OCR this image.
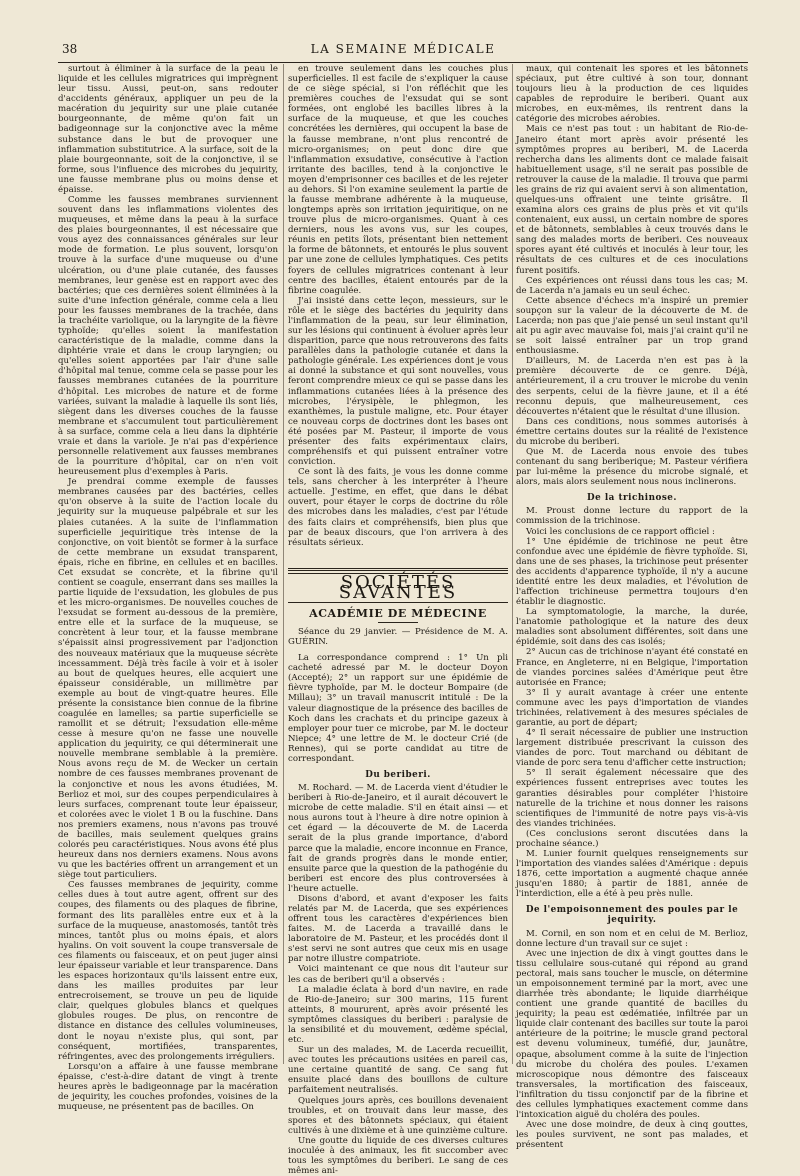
38	LA SEMAINE MÉDICALE

surtout à éliminer à la surface de la peau le liquide et les cellules migratrices qui imprègnent leur tissu. Aussi, peut-on, sans redouter d'accidents généraux, appliquer un peu de la macération du jequirity sur une plaie cutanée bourgeonnante, de même qu'on fait un badigeonnage sur la conjonctive avec la même substance dans le but de provoquer une inflammation substitutrice. A la surface, soit de la plaie bourgeonnante, soit de la conjonctive, il se forme, sous l'influence des microbes du jequirity, une fausse membrane plus ou moins dense et épaisse.

Comme les fausses membranes surviennent souvent dans les inflammations violentes des muqueuses, et même dans la peau à la surface des plaies bourgeonnantes, il est nécessaire que vous ayez des connaissances générales sur leur mode de formation. Le plus souvent, lorsqu'on trouve à la surface d'une muqueuse ou d'une ulcération, ou d'une plaie cutanée, des fausses membranes, leur genèse est en rapport avec des bactéries; que ces dernières soient éliminées à la suite d'une infection générale, comme cela a lieu pour les fausses membranes de la trachée, dans la trachéite variolique, ou la laryngite de la fièvre typhoïde; qu'elles soient la manifestation caractéristique de la maladie, comme dans la diphtérie vraie et dans le croup laryngien; ou qu'elles soient apportées par l'air d'une salle d'hôpital mal tenue, comme cela se passe pour les fausses membranes cutanées de la pourriture d'hôpital. Les microbes de nature et de forme variées, suivant la maladie à laquelle ils sont liés, siègent dans les diverses couches de la fausse membrane et s'accumulent tout particulièrement à sa surface, comme cela a lieu dans la diphtérie vraie et dans la variole. Je n'ai pas d'expérience personnelle relativement aux fausses membranes de la pourriture d'hôpital, car on n'en voit heureusement plus d'exemples à Paris.

Je prendrai comme exemple de fausses membranes causées par des bactéries, celles qu'on observe à la suite de l'action locale du jequirity sur la muqueuse palpébrale et sur les plaies cutanées. A la suite de l'inflammation superficielle jequiritique très intense de la conjonctive, on voit bientôt se former à la surface de cette membrane un exsudat transparent, épais, riche en fibrine, en cellules et en bacilles. Cet exsudat se concrète, et la fibrine qu'il contient se coagule, enserrant dans ses mailles la partie liquide de l'exsudation, les globules de pus et les micro-organismes. De nouvelles couches de l'exsudat se forment au-dessous de la première, entre elle et la surface de la muqueuse, se concrètent à leur tour, et la fausse membrane s'épaissit ainsi progressivement par l'adjonction des nouveaux matériaux que la muqueuse sécrète incessamment. Déjà très facile à voir et à isoler au bout de quelques heures, elle acquiert une épaisseur considérable, un millimètre par exemple au bout de vingt-quatre heures. Elle présente la consistance bien connue de la fibrine coagulée en lamelles; sa partie superficielle se ramollit et se détruit; l'exsudation elle-même cesse à mesure qu'on ne fasse une nouvelle application du jequirity, ce qui déterminerait une nouvelle membrane semblable à la première. Nous avons reçu de M. de Wecker un certain nombre de ces fausses membranes provenant de la conjonctive et nous les avons étudiées, M. Berlioz et moi, sur des coupes perpendiculaires à leurs surfaces, comprenant toute leur épaisseur, et colorées avec le violet 1 B ou la fuschine. Dans nos premiers examens, nous n'avons pas trouvé de bacilles, mais seulement quelques grains colorés peu caractéristiques. Nous avons été plus heureux dans nos derniers examens. Nous avons vu que les bactéries offrent un arrangement et un siège tout particuliers.

Ces fausses membranes de jequirity, comme celles dues à tout autre agent, offrent sur des coupes, des filaments ou des plaques de fibrine, formant des lits parallèles entre eux et à la surface de la muqueuse, anastomosés, tantôt très minces, tantôt plus ou moins épais, et alors hyalins. On voit souvent la coupe transversale de ces filaments ou faisceaux, et on peut juger ainsi leur épaisseur variable et leur transparence. Dans les espaces horizontaux qu'ils laissent entre eux, dans les mailles produites par leur entrecroisement, se trouve un peu de liquide clair, quelques globules blancs et quelques globules rouges. De plus, on rencontre de distance en distance des cellules volumineuses, dont le noyau n'existe plus, qui sont, par conséquent, mortifiées, transparentes, réfringentes, avec des prolongements irréguliers.

Lorsqu'on a affaire à une fausse membrane épaisse, c'est-à-dire datant de vingt à trente heures après le badigeonnage par la macération de jequirity, les couches profondes, voisines de la muqueuse, ne présentent pas de bacilles. On

en trouve seulement dans les couches plus superficielles. Il est facile de s'expliquer la cause de ce siège spécial, si l'on réfléchit que les premières couches de l'exsudat qui se sont formées, ont englobé les bacilles libres à la surface de la muqueuse, et que les couches concrétées les dernières, qui occupent la base de la fausse membrane, n'ont plus rencontré de micro-organismes; on peut donc dire que l'inflammation exsudative, consécutive à l'action irritante des bacilles, tend à la conjonctive le moyen d'emprisonner ces bacilles et de les rejeter au dehors. Si l'on examine seulement la partie de la fausse membrane adhérente à la muqueuse, longtemps après son irritation jequiritique, on ne trouve plus de micro-organismes. Quant à ces derniers, nous les avons vus, sur les coupes, réunis en petits îlots, présentant bien nettement la forme de bâtonnets, et entourés le plus souvent par une zone de cellules lymphatiques. Ces petits foyers de cellules migratrices contenant à leur centre des bacilles, étaient entourés par de la fibrine coagulée.

J'ai insisté dans cette leçon, messieurs, sur le rôle et le siège des bactéries du jequirity dans l'inflammation de la peau, sur leur élimination, sur les lésions qui continuent à évoluer après leur disparition, parce que nous retrouverons des faits parallèles dans la pathologie cutanée et dans la pathologie générale. Les expériences dont je vous ai donné la substance et qui sont nouvelles, vous feront comprendre mieux ce qui se passe dans les inflammations cutanées liées à la présence des microbes, l'érysipèle, le phlegmon, les exanthèmes, la pustule maligne, etc. Pour étayer ce nouveau corps de doctrines dont les bases ont été posées par M. Pasteur, il importe de vous présenter des faits expérimentaux clairs, compréhensifs et qui puissent entraîner votre conviction.

Ce sont là des faits, je vous les donne comme tels, sans chercher à les interpréter à l'heure actuelle. J'estime, en effet, que dans le débat ouvert, pour étayer le corps de doctrine du rôle des microbes dans les maladies, c'est par l'étude des faits clairs et compréhensifs, bien plus que par de beaux discours, que l'on arrivera à des résultats sérieux.

SOCIÉTÉS SAVANTES
ACADÉMIE DE MÉDECINE

Séance du 29 janvier. — Présidence de M. A. GUÉRIN.

La correspondance comprend : 1° Un pli cacheté adressé par M. le docteur Doyon (Accepté); 2° un rapport sur une épidémie de fièvre typhoïde, par M. le docteur Bompaire (de Millau); 3° un travail manuscrit intitulé : De la valeur diagnostique de la présence des bacilles de Koch dans les crachats et du principe gazeux à employer pour tuer ce microbe, par M. le docteur Niepce; 4° une lettre de M. le docteur Crié (de Rennes), qui se porte candidat au titre de correspondant.

Du beriberi.

M. Rochard. — M. de Lacerda vient d'étudier le beriberi à Rio-de-Janeiro, et il aurait découvert le microbe de cette maladie. S'il en était ainsi — et nous aurons tout à l'heure à dire notre opinion à cet égard — la découverte de M. de Lacerda serait de la plus grande importance, d'abord parce que la maladie, encore inconnue en France, fait de grands progrès dans le monde entier, ensuite parce que la question de la pathogénie du beriberi est encore des plus controversées à l'heure actuelle.

Disons d'abord, et avant d'exposer les faits relatés par M. de Lacerda, que ses expériences offrent tous les caractères d'expériences bien faites. M. de Lacerda a travaillé dans le laboratoire de M. Pasteur, et les procédés dont il s'est servi ne sont autres que ceux mis en usage par notre illustre compatriote.

Voici maintenant ce que nous dit l'auteur sur les cas de beriberi qu'il a observés :

La maladie éclata à bord d'un navire, en rade de Rio-de-Janeiro; sur 300 marins, 115 furent atteints, 8 moururent, après avoir présenté les symptômes classiques du beriberi : paralysie de la sensibilité et du mouvement, œdème spécial, etc.

Sur un des malades, M. de Lacerda recueillit, avec toutes les précautions usitées en pareil cas, une certaine quantité de sang. Ce sang fut ensuite placé dans des bouillons de culture parfaitement neutralisés.

Quelques jours après, ces bouillons devenaient troubles, et on trouvait dans leur masse, des spores et des bâtonnets spéciaux, qui étaient cultivés à une dixième et à une quinzième culture.

Une goutte du liquide de ces diverses cultures inoculée à des animaux, les fit succomber avec tous les symptômes du beriberi. Le sang de ces mêmes ani-

maux, qui contenait les spores et les bâtonnets spéciaux, put être cultivé à son tour, donnant toujours lieu à la production de ces liquides capables de reproduire le beriberi. Quant aux microbes, en eux-mêmes, ils rentrent dans la catégorie des microbes aérobies.

Mais ce n'est pas tout : un habitant de Rio-de-Janeiro étant mort après avoir présenté les symptômes propres au beriberi, M. de Lacerda rechercha dans les aliments dont ce malade faisait habituellement usage, s'il ne serait pas possible de retrouver la cause de la maladie. Il trouva que parmi les grains de riz qui avaient servi à son alimentation, quelques-uns offraient une teinte grisâtre. Il examina alors ces grains de plus près et vit qu'ils contenaient, eux aussi, un certain nombre de spores et de bâtonnets, semblables à ceux trouvés dans le sang des malades morts de beriberi. Ces nouveaux spores ayant été cultivés et inoculés à leur tour, les résultats de ces cultures et de ces inoculations furent positifs.

Ces expériences ont réussi dans tous les cas; M. de Lacerda n'a jamais eu un seul échec.

Cette absence d'échecs m'a inspiré un premier soupçon sur la valeur de la découverte de M. de Lacerda; non pas que j'aie pensé un seul instant qu'il ait pu agir avec mauvaise foi, mais j'ai craint qu'il ne se soit laissé entraîner par un trop grand enthousiasme.

D'ailleurs, M. de Lacerda n'en est pas à la première découverte de ce genre. Déjà, antérieurement, il a cru trouver le microbe du venin des serpents, celui de la fièvre jaune, et il a été reconnu depuis, que malheureusement, ces découvertes n'étaient que le résultat d'une illusion.

Dans ces conditions, nous sommes autorisés à émettre certains doutes sur la réalité de l'existence du microbe du beriberi.

Que M. de Lacerda nous envoie des tubes contenant du sang beriberique; M. Pasteur vérifiera par lui-même la présence du microbe signalé, et alors, mais alors seulement nous nous inclinerons.

De la trichinose.

M. Proust donne lecture du rapport de la commission de la trichinose.

Voici les conclusions de ce rapport officiel :

1° Une épidémie de trichinose ne peut être confondue avec une épidémie de fièvre typhoïde. Si, dans une de ses phases, la trichinose peut présenter des accidents d'apparence typhoïde, il n'y a aucune identité entre les deux maladies, et l'évolution de l'affection trichineuse permettra toujours d'en établir le diagnostic.

La symptomatologie, la marche, la durée, l'anatomie pathologique et la nature des deux maladies sont absolument différentes, soit dans une épidémie, soit dans des cas isolés;

2° Aucun cas de trichinose n'ayant été constaté en France, en Angleterre, ni en Belgique, l'importation de viandes porcines salées d'Amérique peut être autorisée en France;

3° Il y aurait avantage à créer une entente commune avec les pays d'importation de viandes trichinées, relativement à des mesures spéciales de garantie, au port de départ;

4° Il serait nécessaire de publier une instruction largement distribuée prescrivant la cuisson des viandes de porc. Tout marchand ou débitant de viande de porc sera tenu d'afficher cette instruction;

5° Il serait également nécessaire que des expériences fussent entreprises avec toutes les garanties désirables pour compléter l'histoire naturelle de la trichine et nous donner les raisons scientifiques de l'immunité de notre pays vis-à-vis des viandes trichinées.

(Ces conclusions seront discutées dans la prochaine séance.)

M. Lunier fournit quelques renseignements sur l'importation des viandes salées d'Amérique : depuis 1876, cette importation a augmenté chaque année jusqu'en 1880; à partir de 1881, année de l'interdiction, elle a été à peu près nulle.

De l'empoisonnement des poules par le jequirity.

M. Cornil, en son nom et en celui de M. Berlioz, donne lecture d'un travail sur ce sujet :

Avec une injection de dix à vingt gouttes dans le tissu cellulaire sous-cutané qui répond au grand pectoral, mais sans toucher le muscle, on détermine un empoisonnement terminé par la mort, avec une diarrhée très abondante; le liquide diarrhéique contient une grande quantité de bacilles du jequirity; la peau est œdématiée, infiltrée par un liquide clair contenant des bacilles sur toute la paroi antérieure de la poitrine; le muscle grand pectoral est devenu volumineux, tuméfié, dur, jaunâtre, opaque, absolument comme à la suite de l'injection du microbe du choléra des poules. L'examen microscopique nous démontre des faisceaux transversales, la mortification des faisceaux, l'infiltration du tissu conjonctif par de la fibrine et des cellules lymphatiques exactement comme dans l'intoxication aiguë du choléra des poules.

Avec une dose moindre, de deux à cinq gouttes, les poules survivent, ne sont pas malades, et présentent
